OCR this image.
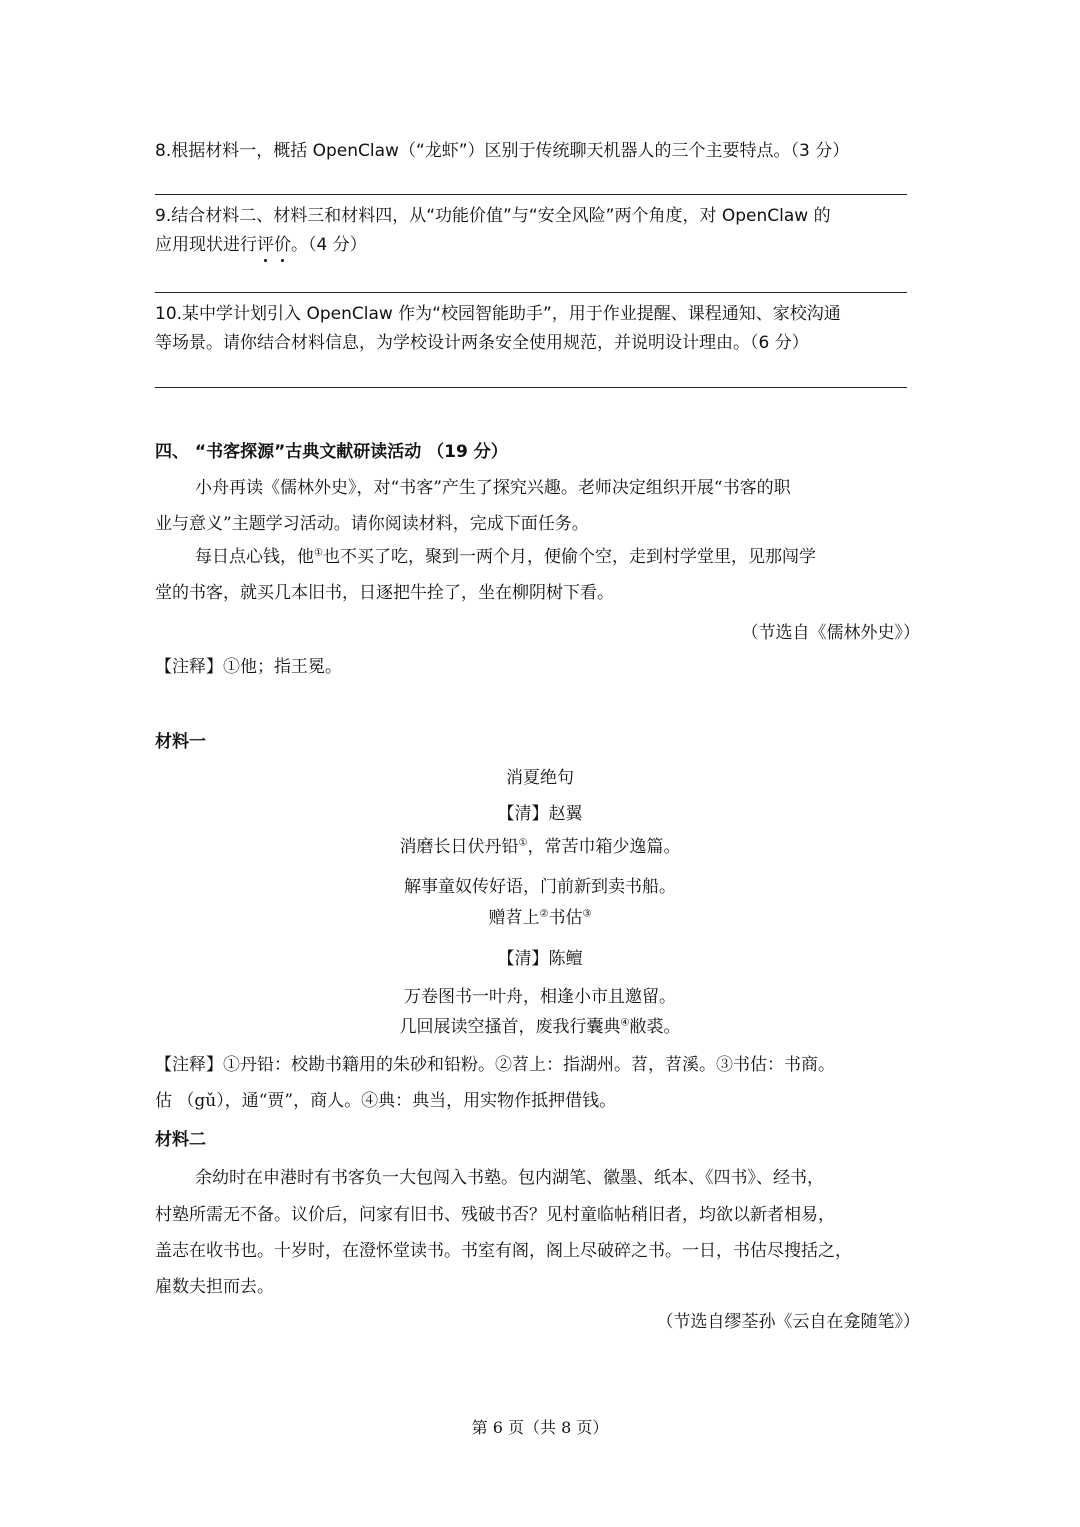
8.根据材料一，概括 OpenClaw（“龙虾”）区别于传统聊天机器人的三个主要特点。（3 分）
9.结合材料二、材料三和材料四，从“功能价值”与“安全风险”两个角度，对 OpenClaw 的
应用现状进行评价。（4 分）
10.某中学计划引入 OpenClaw 作为“校园智能助手”，用于作业提醒、课程通知、家校沟通
等场景。请你结合材料信息，为学校设计两条安全使用规范，并说明设计理由。（6 分）
四、 “书客探源”古典文献研读活动 （19 分）
小舟再读《儒林外史》，对“书客”产生了探究兴趣。老师决定组织开展“书客的职
业与意义”主题学习活动。请你阅读材料，完成下面任务。
每日点心钱，他①也不买了吃，聚到一两个月，便偷个空，走到村学堂里，见那闯学
堂的书客，就买几本旧书，日逐把牛拴了，坐在柳阴树下看。
（节选自《儒林外史》）
【注释】①他；指王冕。
材料一
消夏绝句
【清】赵翼
消磨长日伏丹铅①，常苦巾箱少逸篇。
解事童奴传好语，门前新到卖书船。
赠苕上②书估③
【清】陈鳣
万卷图书一叶舟，相逢小市且邀留。
几回展读空搔首，废我行囊典④敝裘。
【注释】①丹铅：校勘书籍用的朱砂和铅粉。②苕上：指湖州。苕，苕溪。③书估：书商。
估 （gǔ），通“贾”，商人。④典：典当，用实物作抵押借钱。
材料二
余幼时在申港时有书客负一大包闯入书塾。包内湖笔、徽墨、纸本、《四书》、经书，
村塾所需无不备。议价后，问家有旧书、残破书否？见村童临帖稍旧者，均欲以新者相易，
盖志在收书也。十岁时，在澄怀堂读书。书室有阁，阁上尽破碎之书。一日，书估尽搜括之，
雇数夫担而去。
（节选自缪荃孙《云自在龛随笔》）
第 6 页（共 8 页）
